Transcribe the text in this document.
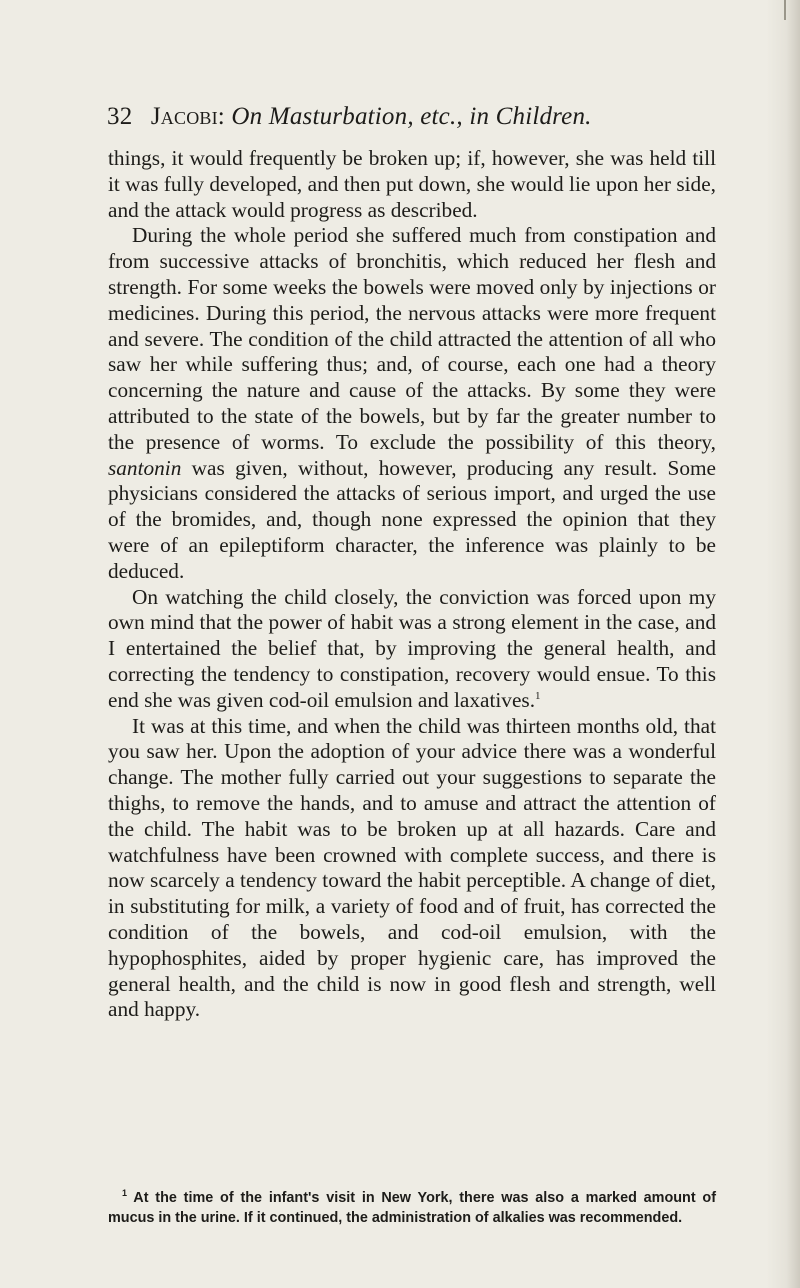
32 Jacobi: On Masturbation, etc., in Children.

things, it would frequently be broken up; if, however, she was held till it was fully developed, and then put down, she would lie upon her side, and the attack would progress as described.

During the whole period she suffered much from constipation and from successive attacks of bronchitis, which reduced her flesh and strength. For some weeks the bowels were moved only by injections or medicines. During this period, the nervous attacks were more frequent and severe. The condition of the child attracted the attention of all who saw her while suffering thus; and, of course, each one had a theory concerning the nature and cause of the attacks. By some they were attributed to the state of the bowels, but by far the greater number to the presence of worms. To exclude the possibility of this theory, santonin was given, without, however, producing any result. Some physicians considered the attacks of serious import, and urged the use of the bromides, and, though none expressed the opinion that they were of an epileptiform character, the inference was plainly to be deduced.

On watching the child closely, the conviction was forced upon my own mind that the power of habit was a strong element in the case, and I entertained the belief that, by improving the general health, and correcting the tendency to constipation, recovery would ensue. To this end she was given cod-oil emulsion and laxatives.$^1$

It was at this time, and when the child was thirteen months old, that you saw her. Upon the adoption of your advice there was a wonderful change. The mother fully carried out your suggestions to separate the thighs, to remove the hands, and to amuse and attract the attention of the child. The habit was to be broken up at all hazards. Care and watchfulness have been crowned with complete success, and there is now scarcely a tendency toward the habit perceptible. A change of diet, in substituting for milk, a variety of food and of fruit, has corrected the condition of the bowels, and cod-oil emulsion, with the hypophosphites, aided by proper hygienic care, has improved the general health, and the child is now in good flesh and strength, well and happy.

$^1$ At the time of the infant's visit in New York, there was also a marked amount of mucus in the urine. If it continued, the administration of alkalies was recommended.
